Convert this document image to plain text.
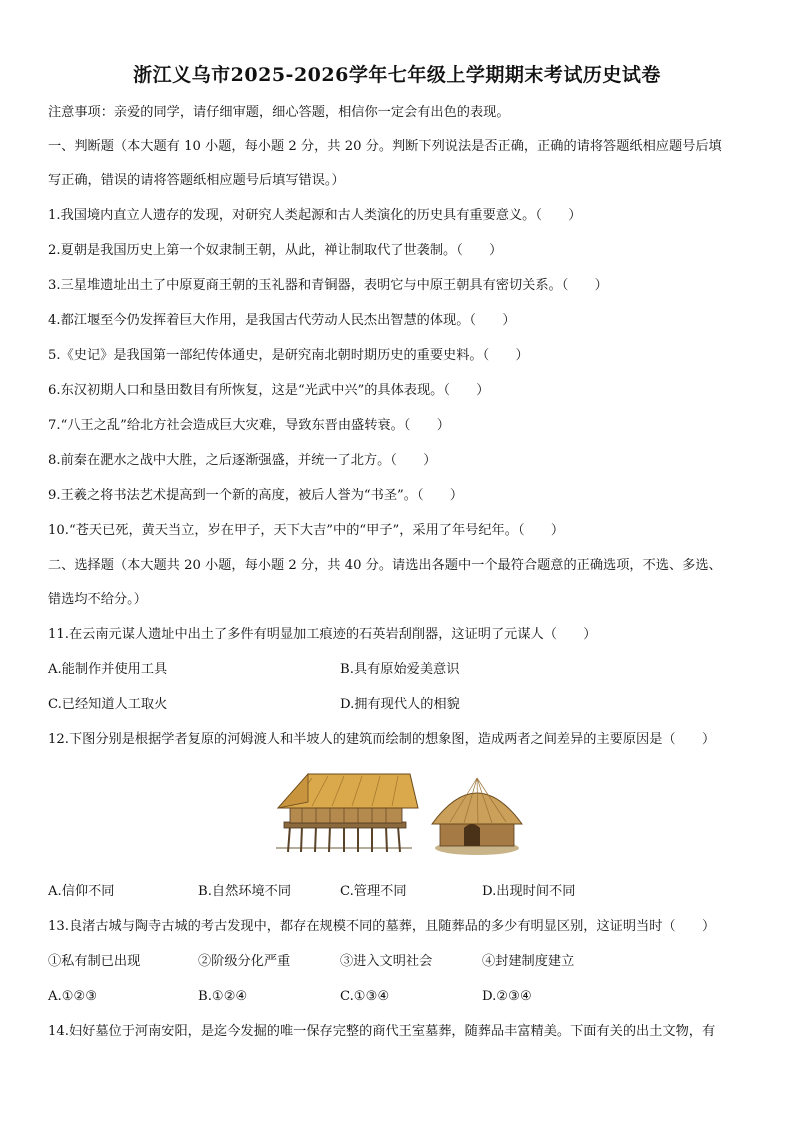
浙江义乌市2025-2026学年七年级上学期期末考试历史试卷
注意事项：亲爱的同学，请仔细审题，细心答题，相信你一定会有出色的表现。
一、判断题（本大题有 10 小题，每小题 2 分，共 20 分。判断下列说法是否正确，正确的请将答题纸相应题号后填
写正确，错误的请将答题纸相应题号后填写错误。）
1.我国境内直立人遗存的发现，对研究人类起源和古人类演化的历史具有重要意义。（　　）
2.夏朝是我国历史上第一个奴隶制王朝，从此，禅让制取代了世袭制。（　　）
3.三星堆遗址出土了中原夏商王朝的玉礼器和青铜器，表明它与中原王朝具有密切关系。（　　）
4.都江堰至今仍发挥着巨大作用，是我国古代劳动人民杰出智慧的体现。（　　）
5.《史记》是我国第一部纪传体通史，是研究南北朝时期历史的重要史料。（　　）
6.东汉初期人口和垦田数目有所恢复，这是“光武中兴”的具体表现。（　　）
7.“八王之乱”给北方社会造成巨大灾难，导致东晋由盛转衰。（　　）
8.前秦在淝水之战中大胜，之后逐渐强盛，并统一了北方。（　　）
9.王羲之将书法艺术提高到一个新的高度，被后人誉为“书圣”。（　　）
10.“苍天已死，黄天当立，岁在甲子，天下大吉”中的“甲子”，采用了年号纪年。（　　）
二、选择题（本大题共 20 小题，每小题 2 分，共 40 分。请选出各题中一个最符合题意的正确选项，不选、多选、
错选均不给分。）
11.在云南元谋人遗址中出土了多件有明显加工痕迹的石英岩刮削器，这证明了元谋人（　　）
A.能制作并使用工具	B.具有原始爱美意识
C.已经知道人工取火	D.拥有现代人的相貌
12.下图分别是根据学者复原的河姆渡人和半坡人的建筑而绘制的想象图，造成两者之间差异的主要原因是（　　）
A.信仰不同	B.自然环境不同	C.管理不同	D.出现时间不同
13.良渚古城与陶寺古城的考古发现中，都存在规模不同的墓葬，且随葬品的多少有明显区别，这证明当时（　　）
①私有制已出现	②阶级分化严重	③进入文明社会	④封建制度建立
A.①②③	B.①②④	C.①③④	D.②③④
14.妇好墓位于河南安阳，是迄今发掘的唯一保存完整的商代王室墓葬，随葬品丰富精美。下面有关的出土文物，有
